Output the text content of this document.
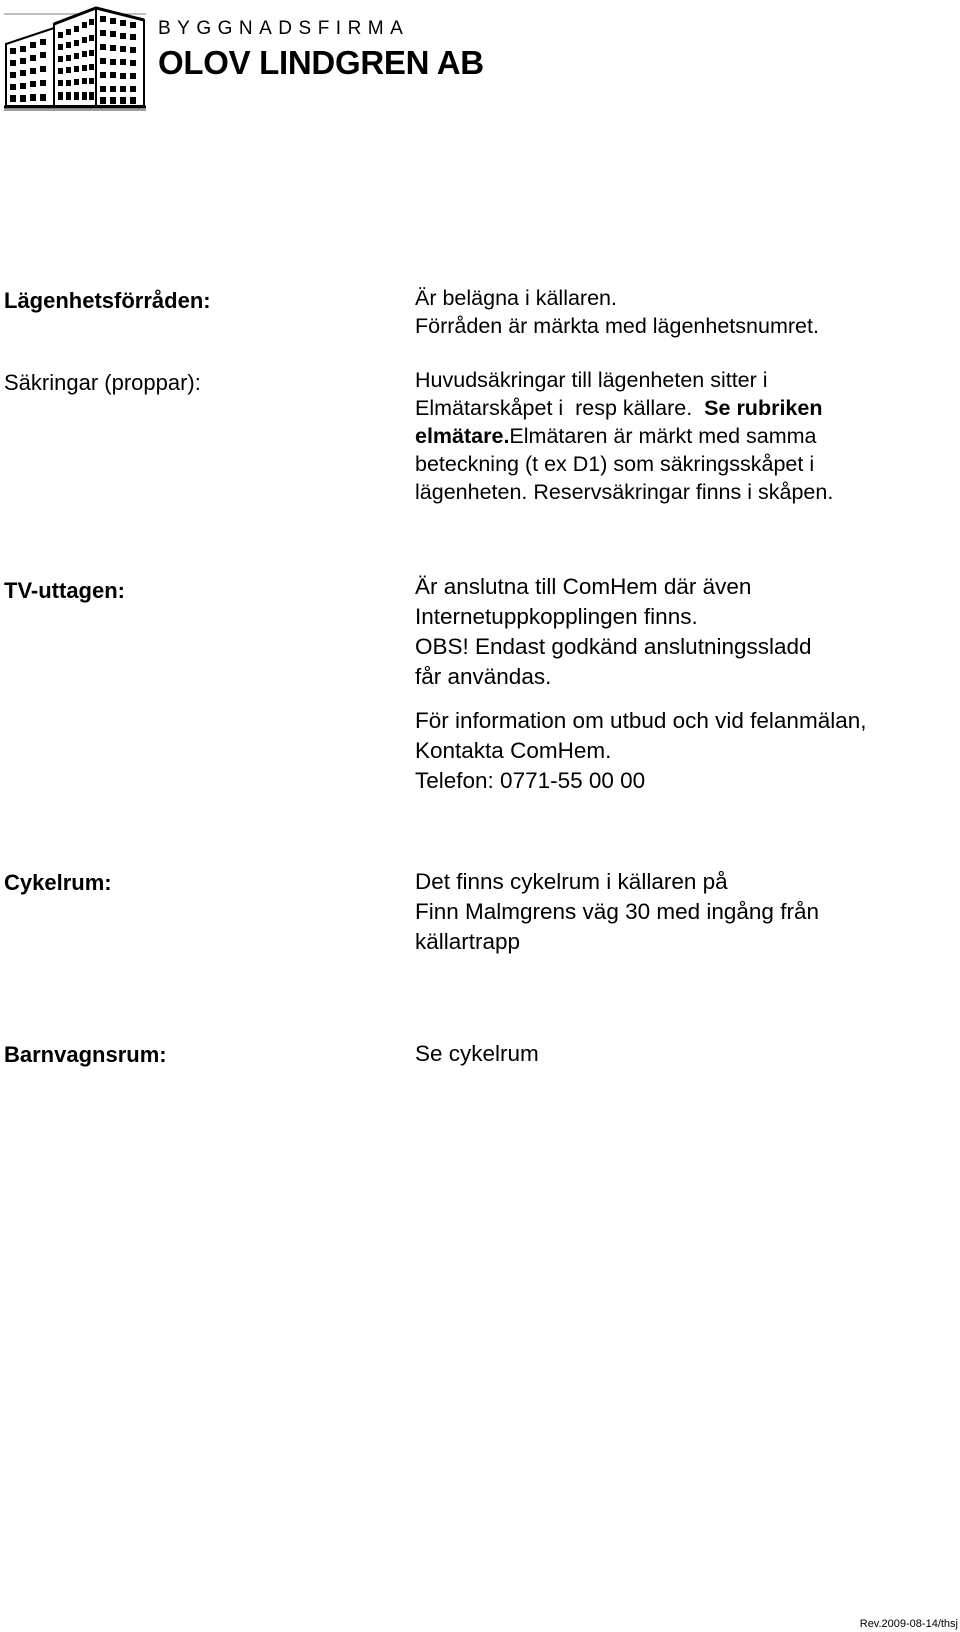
BYGGNADSFIRMA
OLOV LINDGREN AB
Lägenhetsförråden:	Är belägna i källaren.
Förråden är märkta med lägenhetsnumret.
Säkringar (proppar):	Huvudsäkringar till lägenheten sitter i
Elmätarskåpet i  resp källare.  Se rubriken
elmätare.Elmätaren är märkt med samma
beteckning (t ex D1) som säkringsskåpet i
lägenheten. Reservsäkringar finns i skåpen.
TV-uttagen:	Är anslutna till ComHem där även
Internetuppkopplingen finns.
OBS! Endast godkänd anslutningssladd
får användas.
För information om utbud och vid felanmälan,
Kontakta ComHem.
Telefon: 0771-55 00 00
Cykelrum:	Det finns cykelrum i källaren på
Finn Malmgrens väg 30 med ingång från
källartrapp
Barnvagnsrum:	Se cykelrum
Rev.2009-08-14/thsj
